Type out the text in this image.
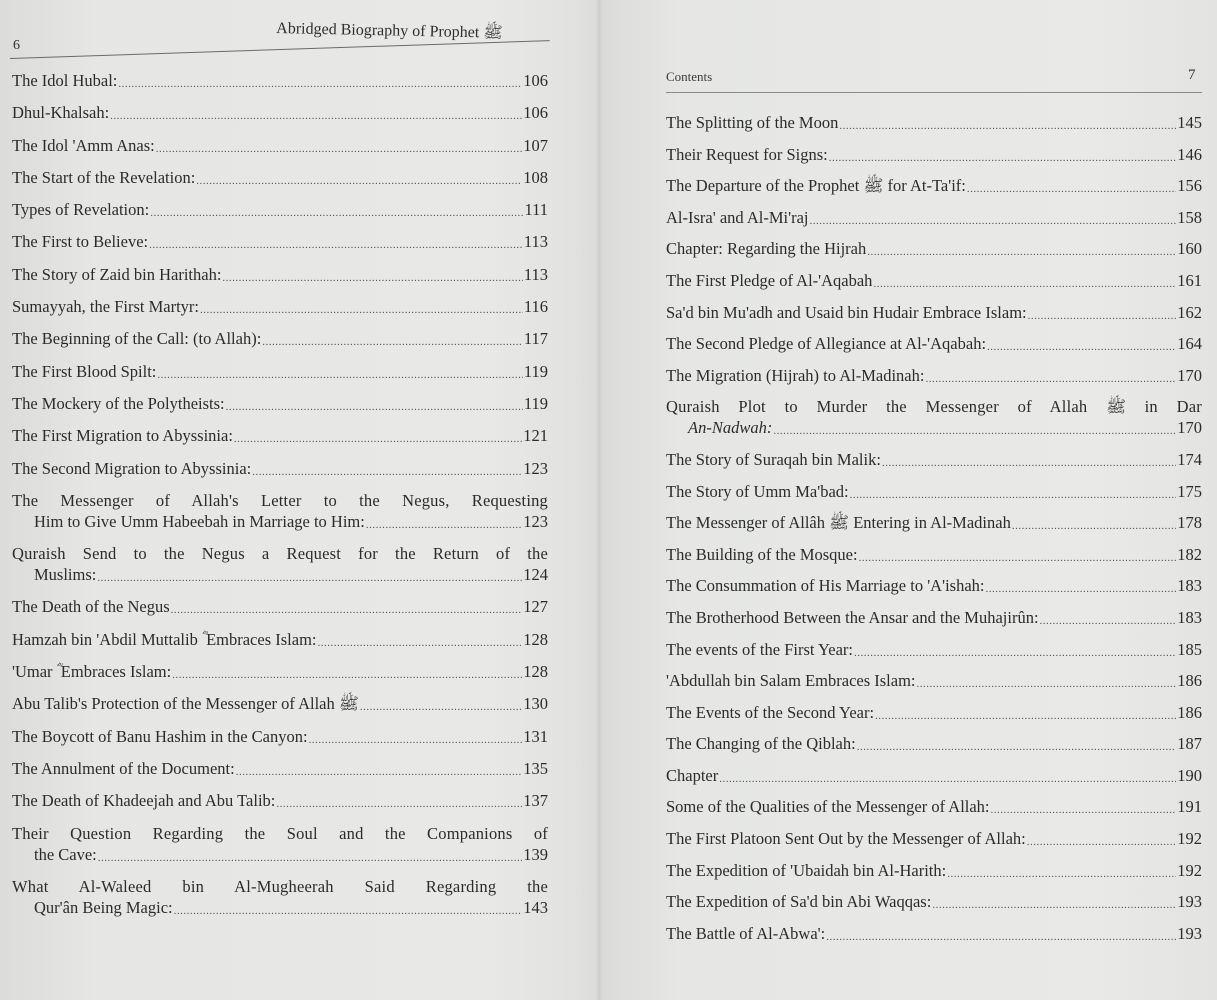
6
Abridged Biography of Prophet ﷺ
The Idol Hubal: .....	106
Dhul-Khalsah: .....	106
The Idol 'Amm Anas: .....	107
The Start of the Revelation: .....	108
Types of Revelation: .....	111
The First to Believe: .....	113
The Story of Zaid bin Harithah: .....	113
Sumayyah, the First Martyr: .....	116
The Beginning of the Call: (to Allah): .....	117
The First Blood Spilt: .....	119
The Mockery of the Polytheists: .....	119
The First Migration to Abyssinia: .....	121
The Second Migration to Abyssinia: .....	123
The Messenger of Allah's Letter to the Negus, Requesting
Him to Give Umm Habeebah in Marriage to Him: .....	123
Quraish Send to the Negus a Request for the Return of the
Muslims: .....	124
The Death of the Negus .....	127
Hamzah bin 'Abdil Muttalib ؓ Embraces Islam: .....	128
'Umar ؓ Embraces Islam: .....	128
Abu Talib's Protection of the Messenger of Allah ﷺ .....	130
The Boycott of Banu Hashim in the Canyon: .....	131
The Annulment of the Document: .....	135
The Death of Khadeejah and Abu Talib: .....	137
Their Question Regarding the Soul and the Companions of
the Cave: .....	139
What Al-Waleed bin Al-Mugheerah Said Regarding the
Qur'ân Being Magic: .....	143
Contents	7
The Splitting of the Moon .....	145
Their Request for Signs: .....	146
The Departure of the Prophet ﷺ for At-Ta'if: .....	156
Al-Isra' and Al-Mi'raj .....	158
Chapter: Regarding the Hijrah .....	160
The First Pledge of Al-'Aqabah .....	161
Sa'd bin Mu'adh and Usaid bin Hudair Embrace Islam: .....	162
The Second Pledge of Allegiance at Al-'Aqabah: .....	164
The Migration (Hijrah) to Al-Madinah: .....	170
Quraish Plot to Murder the Messenger of Allah ﷺ in Dar
An-Nadwah: .....	170
The Story of Suraqah bin Malik: .....	174
The Story of Umm Ma'bad: .....	175
The Messenger of Allâh ﷺ Entering in Al-Madinah .....	178
The Building of the Mosque: .....	182
The Consummation of His Marriage to 'A'ishah: .....	183
The Brotherhood Between the Ansar and the Muhajirûn: .....	183
The events of the First Year: .....	185
'Abdullah bin Salam Embraces Islam: .....	186
The Events of the Second Year: .....	186
The Changing of the Qiblah: .....	187
Chapter .....	190
Some of the Qualities of the Messenger of Allah: .....	191
The First Platoon Sent Out by the Messenger of Allah: .....	192
The Expedition of 'Ubaidah bin Al-Harith: .....	192
The Expedition of Sa'd bin Abi Waqqas: .....	193
The Battle of Al-Abwa': .....	193
